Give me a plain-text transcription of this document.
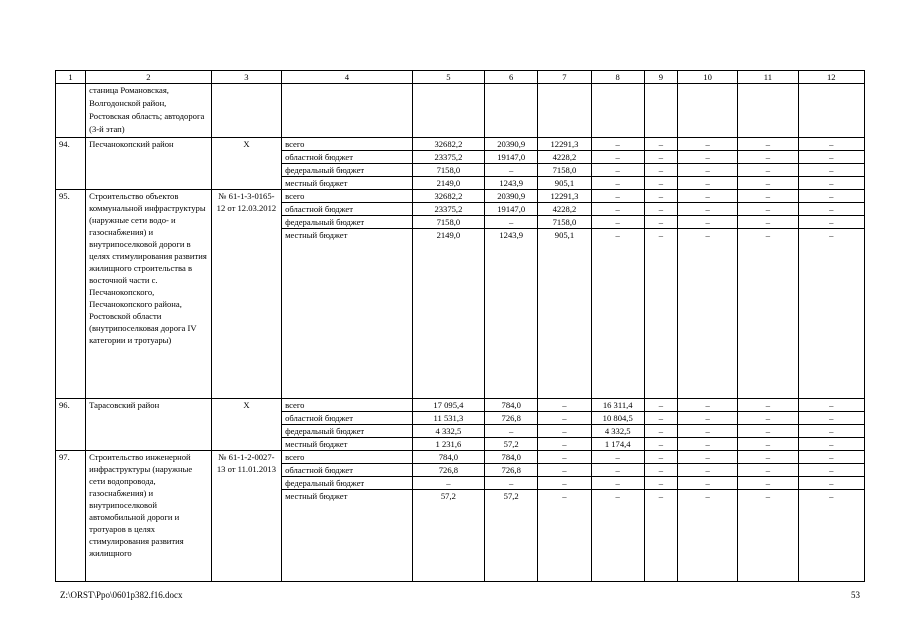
1	2	3	4	5	6	7	8	9	10	11	12
	станица Романовская, Волгодонской район, Ростовская область; автодорога (3-й этап)										
94.	Песчанокопский район	Х	всего	32682,2	20390,9	12291,3	–	–	–	–	–
			областной бюджет	23375,2	19147,0	4228,2	–	–	–	–	–
			федеральный бюджет	7158,0	–	7158,0	–	–	–	–	–
			местный бюджет	2149,0	1243,9	905,1	–	–	–	–	–
95.	Строительство объектов коммунальной инфраструктуры (наружные сети водо- и газоснабжения) и внутрипоселковой дороги в целях стимулирования развития жилищного строительства в восточной части с. Песчанокопского, Песчанокопского района, Ростовской области (внутрипоселковая дорога IV категории и тротуары)	№ 61-1-3-0165-12 от 12.03.2012	всего	32682,2	20390,9	12291,3	–	–	–	–	–
			областной бюджет	23375,2	19147,0	4228,2	–	–	–	–	–
			федеральный бюджет	7158,0	–	7158,0	–	–	–	–	–
			местный бюджет	2149,0	1243,9	905,1	–	–	–	–	–
96.	Тарасовский район	Х	всего	17 095,4	784,0	–	16 311,4	–	–	–	–
			областной бюджет	11 531,3	726,8	–	10 804,5	–	–	–	–
			федеральный бюджет	4 332,5	–	–	4 332,5	–	–	–	–
			местный бюджет	1 231,6	57,2	–	1 174,4	–	–	–	–
97.	Строительство инженерной инфраструктуры (наружные сети водопровода, газоснабжения) и внутрипоселковой автомобильной дороги и тротуаров в целях стимулирования развития жилищного	№ 61-1-2-0027-13 от 11.01.2013	всего	784,0	784,0	–	–	–	–	–	–
			областной бюджет	726,8	726,8	–	–	–	–	–	–
			федеральный бюджет	–	–	–	–	–	–	–	–
			местный бюджет	57,2	57,2	–	–	–	–	–	–
Z:\ORST\Ppo\0601p382.f16.docx	53
